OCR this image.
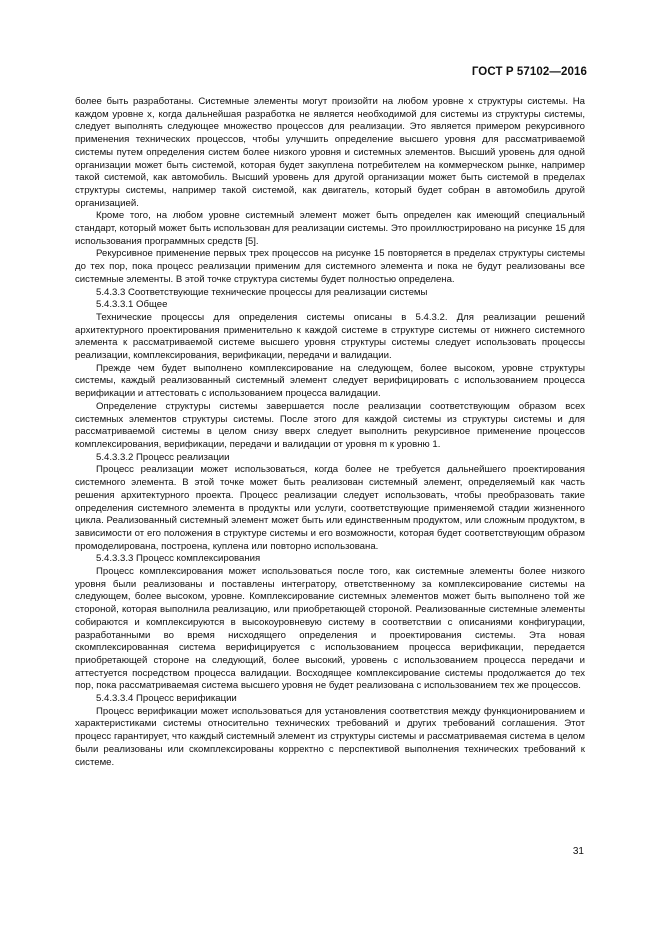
ГОСТ Р 57102—2016

более быть разработаны. Системные элементы могут произойти на любом уровне х структуры системы. На каждом уровне x, когда дальнейшая разработка не является необходимой для системы из структуры системы, следует выполнять следующее множество процессов для реализации. Это является примером рекурсивного применения технических процессов, чтобы улучшить определение высшего уровня для рассматриваемой системы путем определения систем более низкого уровня и системных элементов. Высший уровень для одной организации может быть системой, которая будет закуплена потребителем на коммерческом рынке, например такой системой, как автомобиль. Высший уровень для другой организации может быть системой в пределах структуры системы, например такой системой, как двигатель, который будет собран в автомобиль другой организацией.

Кроме того, на любом уровне системный элемент может быть определен как имеющий специальный стандарт, который может быть использован для реализации системы. Это проиллюстрировано на рисунке 15 для использования программных средств [5].

Рекурсивное применение первых трех процессов на рисунке 15 повторяется в пределах структуры системы до тех пор, пока процесс реализации применим для системного элемента и пока не будут реализованы все системные элементы. В этой точке структура системы будет полностью определена.

5.4.3.3 Соответствующие технические процессы для реализации системы

5.4.3.3.1 Общее

Технические процессы для определения системы описаны в 5.4.3.2. Для реализации решений архитектурного проектирования применительно к каждой системе в структуре системы от нижнего системного элемента к рассматриваемой системе высшего уровня структуры системы следует использовать процессы реализации, комплексирования, верификации, передачи и валидации.

Прежде чем будет выполнено комплексирование на следующем, более высоком, уровне структуры системы, каждый реализованный системный элемент следует верифицировать с использованием процесса верификации и аттестовать с использованием процесса валидации.

Определение структуры системы завершается после реализации соответствующим образом всех системных элементов структуры системы. После этого для каждой системы из структуры системы и для рассматриваемой системы в целом снизу вверх следует выполнить рекурсивное применение процессов комплексирования, верификации, передачи и валидации от уровня m к уровню 1.

5.4.3.3.2 Процесс реализации

Процесс реализации может использоваться, когда более не требуется дальнейшего проектирования системного элемента. В этой точке может быть реализован системный элемент, определяемый как часть решения архитектурного проекта. Процесс реализации следует использовать, чтобы преобразовать такие определения системного элемента в продукты или услуги, соответствующие применяемой стадии жизненного цикла. Реализованный системный элемент может быть или единственным продуктом, или сложным продуктом, в зависимости от его положения в структуре системы и его возможности, которая будет соответствующим образом промоделирована, построена, куплена или повторно использована.

5.4.3.3.3 Процесс комплексирования

Процесс комплексирования может использоваться после того, как системные элементы более низкого уровня были реализованы и поставлены интегратору, ответственному за комплексирование системы на следующем, более высоком, уровне. Комплексирование системных элементов может быть выполнено той же стороной, которая выполнила реализацию, или приобретающей стороной. Реализованные системные элементы собираются и комплексируются в высокоуровневую систему в соответствии с описаниями конфигурации, разработанными во время нисходящего определения и проектирования системы. Эта новая скомплексированная система верифицируется с использованием процесса верификации, передается приобретающей стороне на следующий, более высокий, уровень с использованием процесса передачи и аттестуется посредством процесса валидации. Восходящее комплексирование системы продолжается до тех пор, пока рассматриваемая система высшего уровня не будет реализована с использованием тех же процессов.

5.4.3.3.4 Процесс верификации

Процесс верификации может использоваться для установления соответствия между функционированием и характеристиками системы относительно технических требований и других требований соглашения. Этот процесс гарантирует, что каждый системный элемент из структуры системы и рассматриваемая система в целом были реализованы или скомплексированы корректно с перспективой выполнения технических требований к системе.

31
